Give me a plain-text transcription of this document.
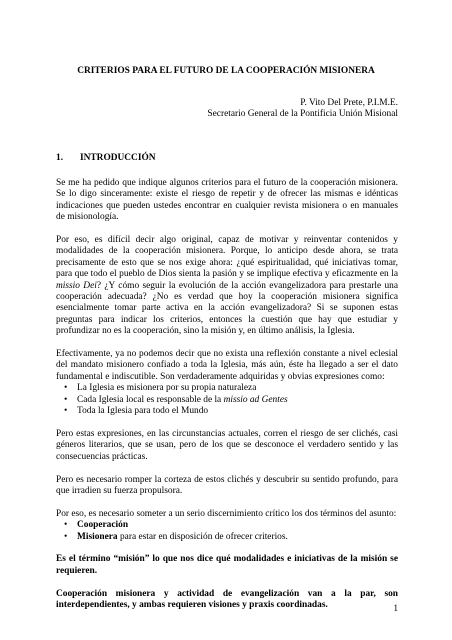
CRITERIOS PARA EL FUTURO DE LA COOPERACIÓN MISIONERA
P. Vito Del Prete, P.I.M.E.
Secretario General de la Pontificia Unión Misional
1. INTRODUCCIÓN

Se me ha pedido que indique algunos criterios para el futuro de la cooperación misionera. Se lo digo sinceramente: existe el riesgo de repetir y de ofrecer las mismas e idénticas indicaciones que pueden ustedes encontrar en cualquier revista misionera o en manuales de misionología.

Por eso, es difícil decir algo original, capaz de motivar y reinventar contenidos y modalidades de la cooperación misionera. Porque, lo anticipo desde ahora, se trata precisamente de esto que se nos exige ahora: ¿qué espiritualidad, qué iniciativas tomar, para que todo el pueblo de Dios sienta la pasión y se implique efectiva y eficazmente en la missio Dei? ¿Y cómo seguir la evolución de la acción evangelizadora para prestarle una cooperación adecuada? ¿No es verdad que hoy la cooperación misionera significa esencialmente tomar parte activa en la acción evangelizadora? Si se suponen estas preguntas para indicar los criterios, entonces la cuestión que hay que estudiar y profundizar no es la cooperación, sino la misión y, en último análisis, la Iglesia.

Efectivamente, ya no podemos decir que no exista una reflexión constante a nivel eclesial del mandato misionero confiado a toda la Iglesia, más aún, éste ha llegado a ser el dato fundamental e indiscutible. Son verdaderamente adquiridas y obvias expresiones como:

• La Iglesia es misionera por su propia naturaleza
• Cada Iglesia local es responsable de la missio ad Gentes
• Toda la Iglesia para todo el Mundo

Pero estas expresiones, en las circunstancias actuales, corren el riesgo de ser clichés, casi géneros literarios, que se usan, pero de los que se desconoce el verdadero sentido y las consecuencias prácticas.

Pero es necesario romper la corteza de estos clichés y descubrir su sentido profundo, para que irradien su fuerza propulsora.

Por eso, es necesario someter a un serio discernimiento crítico los dos términos del asunto:

• Cooperación
• Misionera para estar en disposición de ofrecer criterios.

Es el término “misión” lo que nos dice qué modalidades e iniciativas de la misión se requieren.

Cooperación misionera y actividad de evangelización van a la par, son interdependientes, y ambas requieren visiones y praxis coordinadas.	1
